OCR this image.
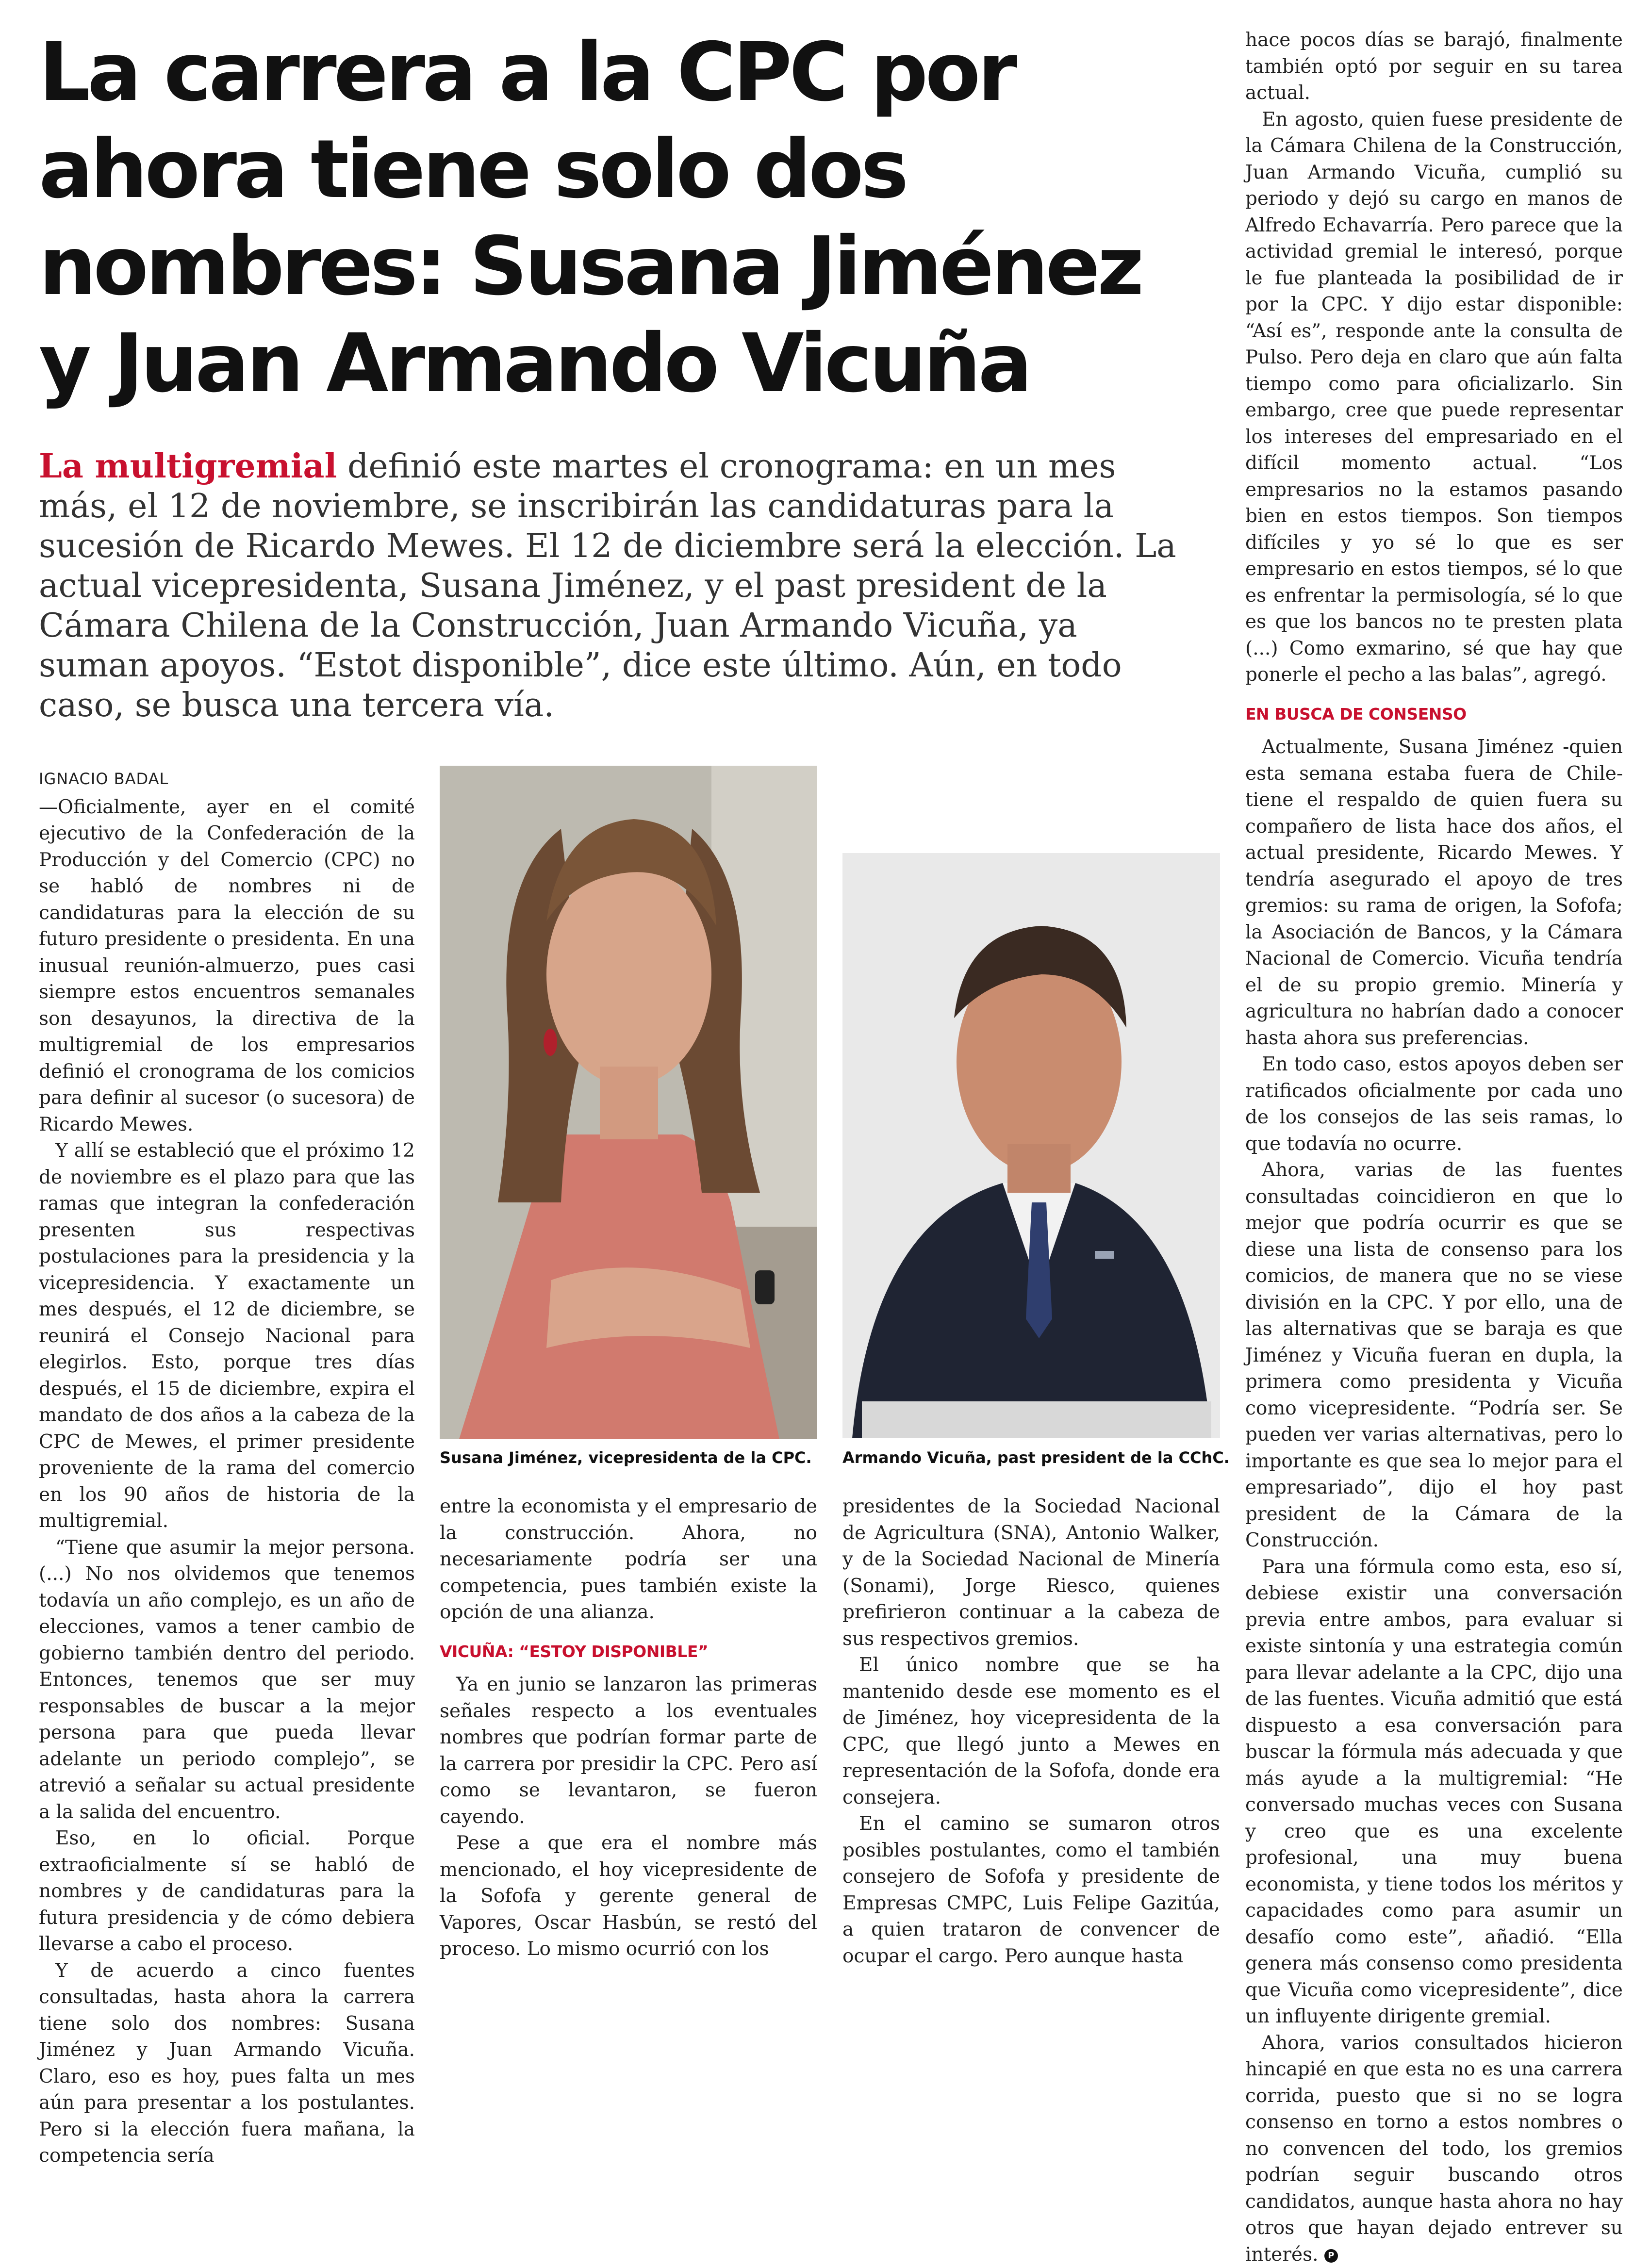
La carrera a la CPC por ahora tiene solo dos nombres: Susana Jiménez y Juan Armando Vicuña

La multigremial definió este martes el cronograma: en un mes más, el 12 de noviembre, se inscribirán las candidaturas para la sucesión de Ricardo Mewes. El 12 de diciembre será la elección. La actual vicepresidenta, Susana Jiménez, y el past president de la Cámara Chilena de la Construcción, Juan Armando Vicuña, ya suman apoyos. “Estot disponible”, dice este último. Aún, en todo caso, se busca una tercera vía.

IGNACIO BADAL

—Oficialmente, ayer en el comité ejecutivo de la Confederación de la Producción y del Comercio (CPC) no se habló de nombres ni de candidaturas para la elección de su futuro presidente o presidenta. En una inusual reunión-almuerzo, pues casi siempre estos encuentros semanales son desayunos, la directiva de la multigremial de los empresarios definió el cronograma de los comicios para definir al sucesor (o sucesora) de Ricardo Mewes.

Y allí se estableció que el próximo 12 de noviembre es el plazo para que las ramas que integran la confederación presenten sus respectivas postulaciones para la presidencia y la vicepresidencia. Y exactamente un mes después, el 12 de diciembre, se reunirá el Consejo Nacional para elegirlos. Esto, porque tres días después, el 15 de diciembre, expira el mandato de dos años a la cabeza de la CPC de Mewes, el primer presidente proveniente de la rama del comercio en los 90 años de historia de la multigremial.

“Tiene que asumir la mejor persona. (...) No nos olvidemos que tenemos todavía un año complejo, es un año de elecciones, vamos a tener cambio de gobierno también dentro del periodo. Entonces, tenemos que ser muy responsables de buscar a la mejor persona para que pueda llevar adelante un periodo complejo”, se atrevió a señalar su actual presidente a la salida del encuentro.

Eso, en lo oficial. Porque extraoficialmente sí se habló de nombres y de candidaturas para la futura presidencia y de cómo debiera llevarse a cabo el proceso.

Y de acuerdo a cinco fuentes consultadas, hasta ahora la carrera tiene solo dos nombres: Susana Jiménez y Juan Armando Vicuña. Claro, eso es hoy, pues falta un mes aún para presentar a los postulantes. Pero si la elección fuera mañana, la competencia sería

Susana Jiménez, vicepresidenta de la CPC.	Armando Vicuña, past president de la CChC.

entre la economista y el empresario de la construcción. Ahora, no necesariamente podría ser una competencia, pues también existe la opción de una alianza.

VICUÑA: “ESTOY DISPONIBLE”

Ya en junio se lanzaron las primeras señales respecto a los eventuales nombres que podrían formar parte de la carrera por presidir la CPC. Pero así como se levantaron, se fueron cayendo.

Pese a que era el nombre más mencionado, el hoy vicepresidente de la Sofofa y gerente general de Vapores, Oscar Hasbún, se restó del proceso. Lo mismo ocurrió con los

presidentes de la Sociedad Nacional de Agricultura (SNA), Antonio Walker, y de la Sociedad Nacional de Minería (Sonami), Jorge Riesco, quienes prefirieron continuar a la cabeza de sus respectivos gremios.

El único nombre que se ha mantenido desde ese momento es el de Jiménez, hoy vicepresidenta de la CPC, que llegó junto a Mewes en representación de la Sofofa, donde era consejera.

En el camino se sumaron otros posibles postulantes, como el también consejero de Sofofa y presidente de Empresas CMPC, Luis Felipe Gazitúa, a quien trataron de convencer de ocupar el cargo. Pero aunque hasta

hace pocos días se barajó, finalmente también optó por seguir en su tarea actual.

En agosto, quien fuese presidente de la Cámara Chilena de la Construcción, Juan Armando Vicuña, cumplió su periodo y dejó su cargo en manos de Alfredo Echavarría. Pero parece que la actividad gremial le interesó, porque le fue planteada la posibilidad de ir por la CPC. Y dijo estar disponible: “Así es”, responde ante la consulta de Pulso. Pero deja en claro que aún falta tiempo como para oficializarlo. Sin embargo, cree que puede representar los intereses del empresariado en el difícil momento actual. “Los empresarios no la estamos pasando bien en estos tiempos. Son tiempos difíciles y yo sé lo que es ser empresario en estos tiempos, sé lo que es enfrentar la permisología, sé lo que es que los bancos no te presten plata (...) Como exmarino, sé que hay que ponerle el pecho a las balas”, agregó.

EN BUSCA DE CONSENSO

Actualmente, Susana Jiménez -quien esta semana estaba fuera de Chile- tiene el respaldo de quien fuera su compañero de lista hace dos años, el actual presidente, Ricardo Mewes. Y tendría asegurado el apoyo de tres gremios: su rama de origen, la Sofofa; la Asociación de Bancos, y la Cámara Nacional de Comercio. Vicuña tendría el de su propio gremio. Minería y agricultura no habrían dado a conocer hasta ahora sus preferencias.

En todo caso, estos apoyos deben ser ratificados oficialmente por cada uno de los consejos de las seis ramas, lo que todavía no ocurre.

Ahora, varias de las fuentes consultadas coincidieron en que lo mejor que podría ocurrir es que se diese una lista de consenso para los comicios, de manera que no se viese división en la CPC. Y por ello, una de las alternativas que se baraja es que Jiménez y Vicuña fueran en dupla, la primera como presidenta y Vicuña como vicepresidente. “Podría ser. Se pueden ver varias alternativas, pero lo importante es que sea lo mejor para el empresariado”, dijo el hoy past president de la Cámara de la Construcción.

Para una fórmula como esta, eso sí, debiese existir una conversación previa entre ambos, para evaluar si existe sintonía y una estrategia común para llevar adelante a la CPC, dijo una de las fuentes. Vicuña admitió que está dispuesto a esa conversación para buscar la fórmula más adecuada y que más ayude a la multigremial: “He conversado muchas veces con Susana y creo que es una excelente profesional, una muy buena economista, y tiene todos los méritos y capacidades como para asumir un desafío como este”, añadió. “Ella genera más consenso como presidenta que Vicuña como vicepresidente”, dice un influyente dirigente gremial.

Ahora, varios consultados hicieron hincapié en que esta no es una carrera corrida, puesto que si no se logra consenso en torno a estos nombres o no convencen del todo, los gremios podrían seguir buscando otros candidatos, aunque hasta ahora no hay otros que hayan dejado entrever su interés. P
